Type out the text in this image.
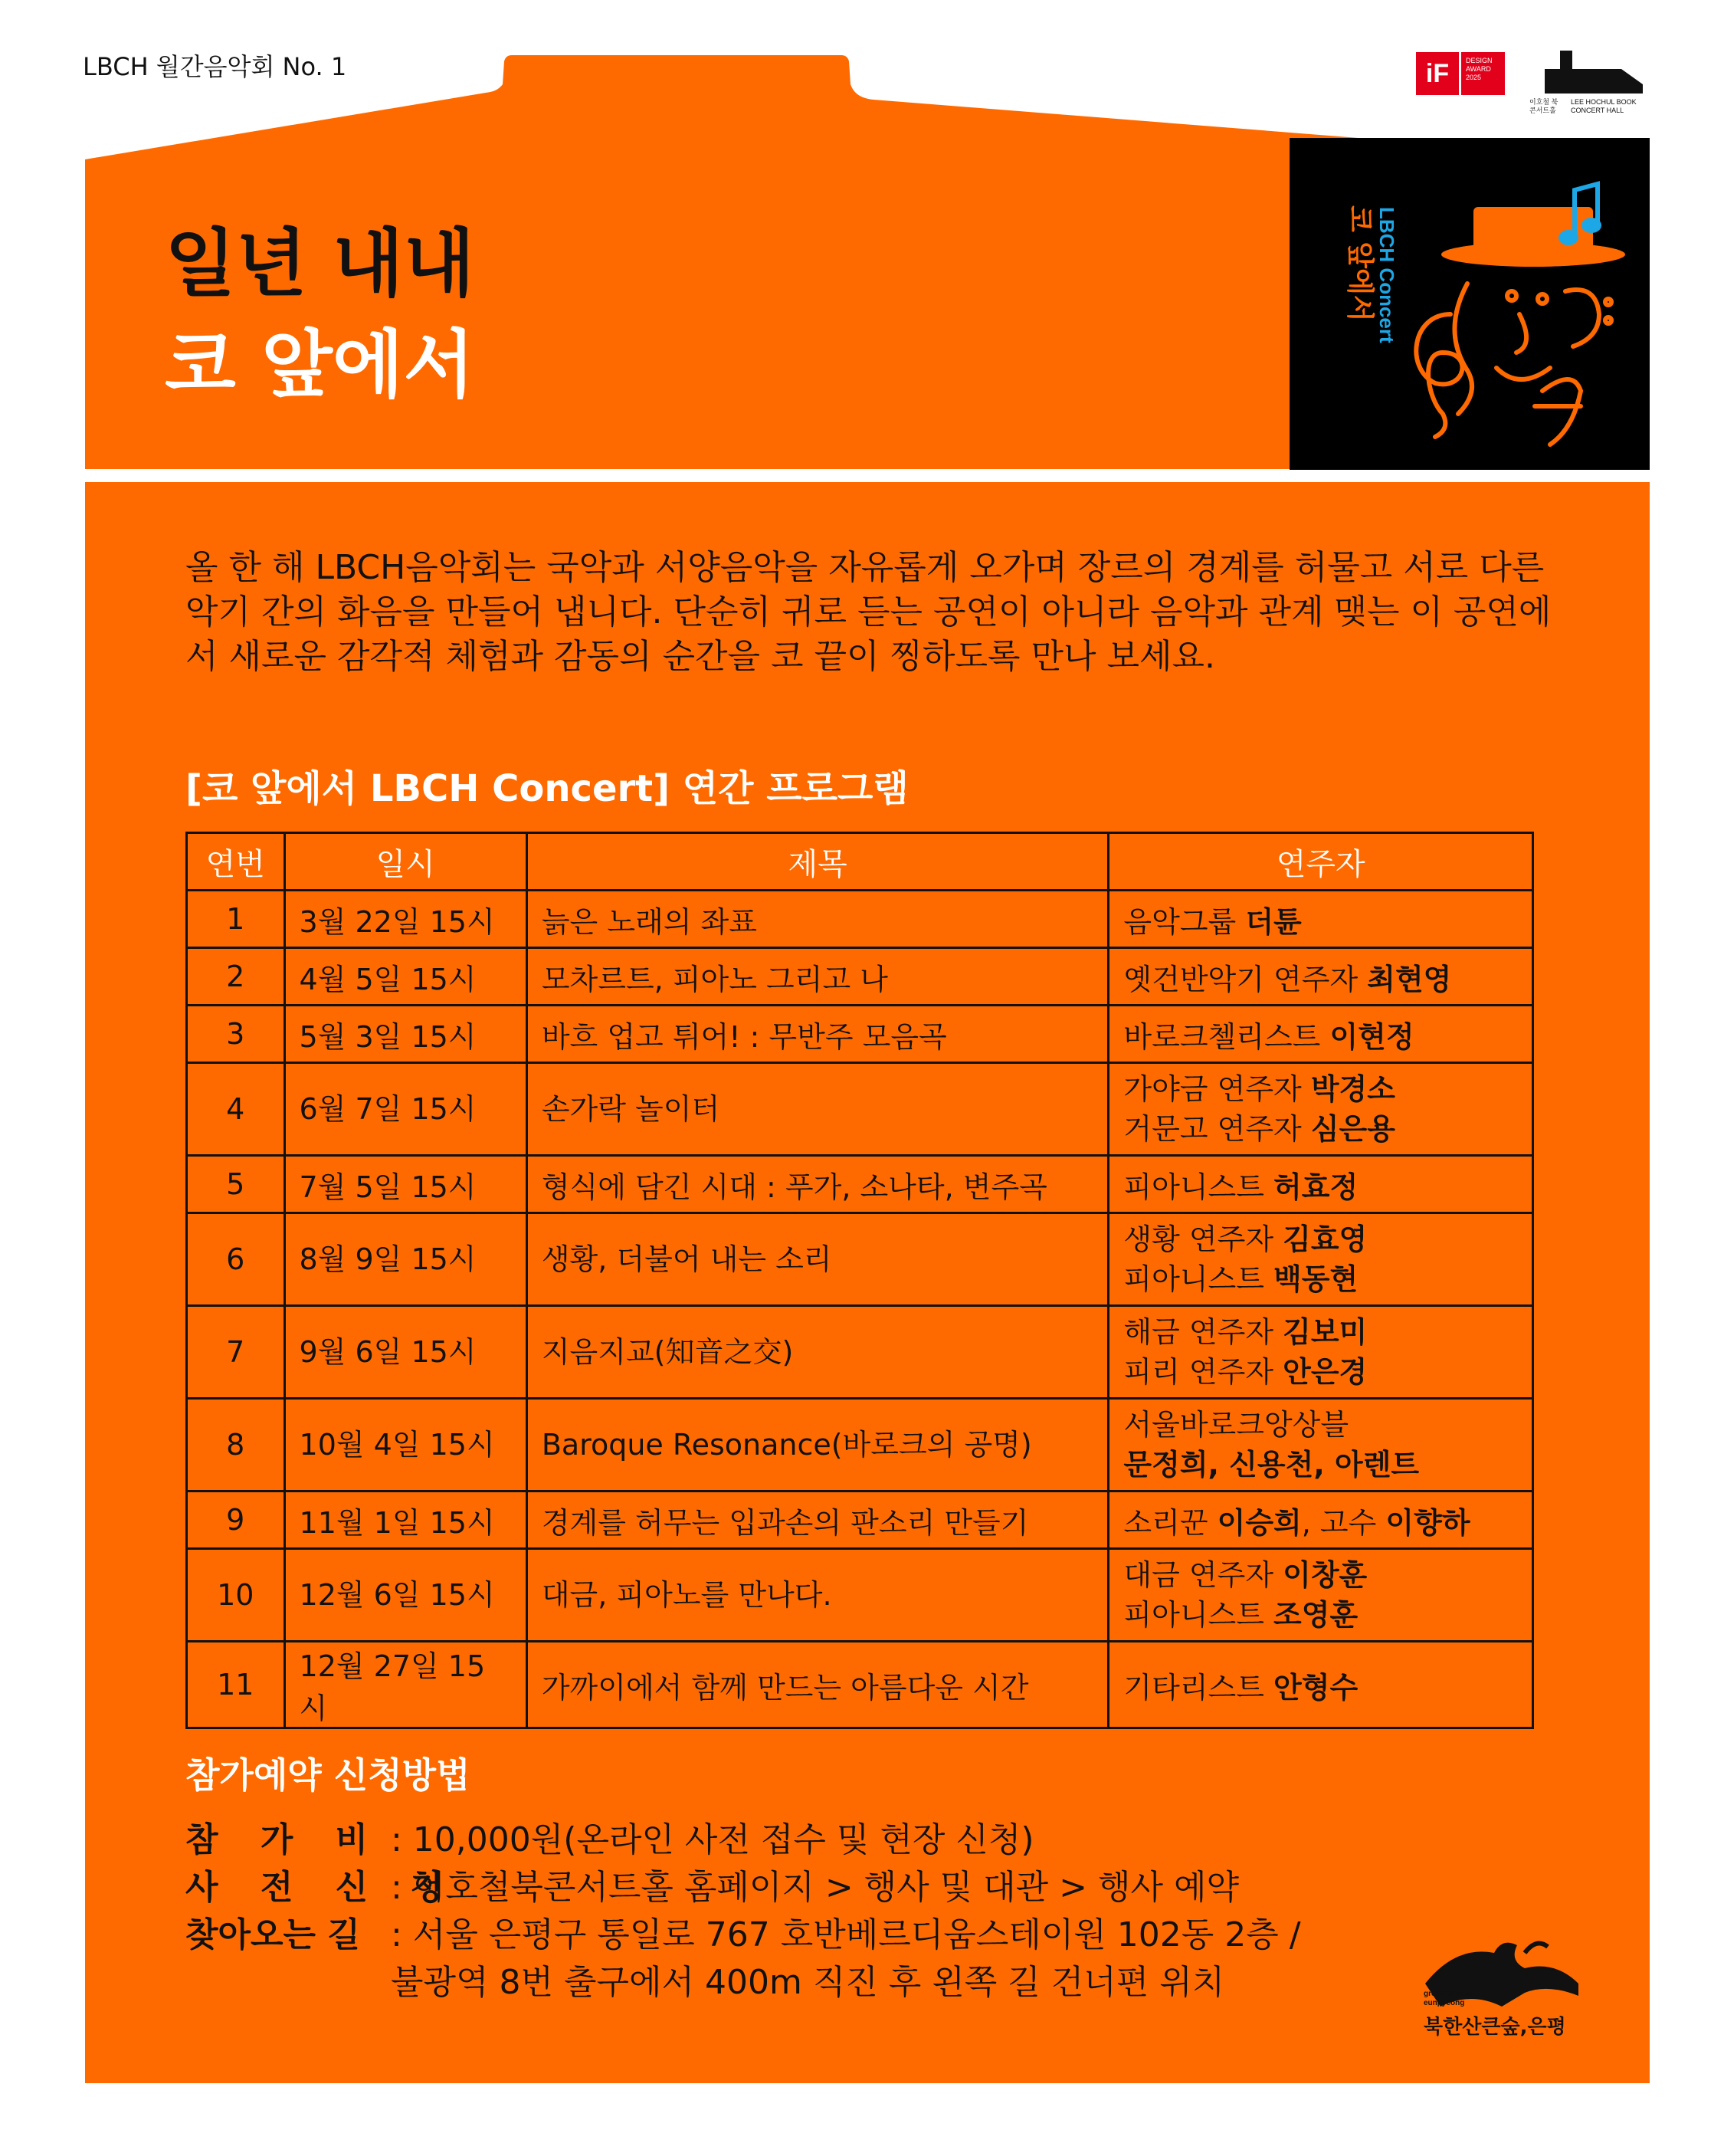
LBCH 월간음악회 No. 1	iF	DESIGN AWARD 2025
이호철 북콘서트홀
LEE HOCHUL BOOK CONCERT HALL
일년 내내
코 앞에서
LBCH Concert
코 앞에서

올 한 해 LBCH음악회는 국악과 서양음악을 자유롭게 오가며 장르의 경계를 허물고 서로 다른 악기 간의 화음을 만들어 냅니다. 단순히 귀로 듣는 공연이 아니라 음악과 관계 맺는 이 공연에서 새로운 감각적 체험과 감동의 순간을 코 끝이 찡하도록 만나 보세요.

[코 앞에서 LBCH Concert] 연간 프로그램
연번	일시	제목	연주자
1	3월 22일 15시	늙은 노래의 좌표	음악그룹 더튠

2	4월 5일 15시	모차르트, 피아노 그리고 나	옛건반악기 연주자 최현영

3	5월 3일 15시	바흐 업고 튀어! : 무반주 모음곡	바로크첼리스트 이현정

4	6월 7일 15시	손가락 놀이터	가야금 연주자 박경소
거문고 연주자 심은용

5	7월 5일 15시	형식에 담긴 시대 : 푸가, 소나타, 변주곡	피아니스트 허효정

6	8월 9일 15시	생황, 더불어 내는 소리	생황 연주자 김효영
피아니스트 백동현

7	9월 6일 15시	지음지교(知音之交)	해금 연주자 김보미
피리 연주자 안은경

8	10월 4일 15시	Baroque Resonance(바로크의 공명)	서울바로크앙상블
문정희, 신용천, 아렌트

9	11월 1일 15시	경계를 허무는 입과손의 판소리 만들기	소리꾼 이승희, 고수 이향하

10	12월 6일 15시	대금, 피아노를 만나다.	대금 연주자 이창훈
피아니스트 조영훈

11	12월 27일 15시	가까이에서 함께 만드는 아름다운 시간	기타리스트 안형수
참가예약 신청방법
참 가 비 : 10,000원(온라인 사전 접수 및 현장 신청)
사 전 신 청
: 이호철북콘서트홀 홈페이지 > 행사 및 대관 > 행사 예약
찾아오는 길 : 서울 은평구 통일로 767 호반베르디움스테이원 102동 2층 /
불광역 8번 출구에서 400m 직진 후 왼쪽 길 건너편 위치	green chorus eunpyeong
북한산큰숲,은평
